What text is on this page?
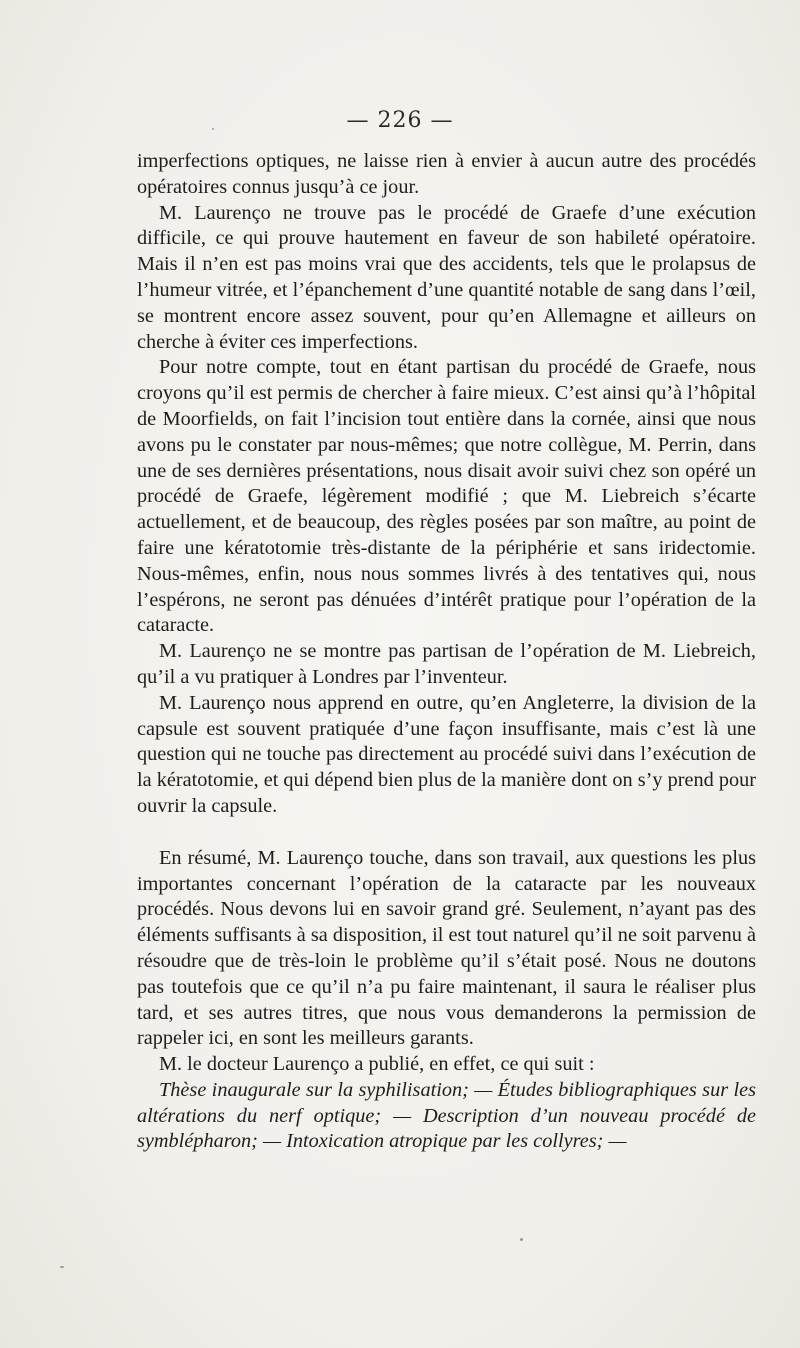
— 226 —

imperfections optiques, ne laisse rien à envier à aucun autre des procédés opératoires connus jusqu’à ce jour.

M. Laurenço ne trouve pas le procédé de Graefe d’une exécution difficile, ce qui prouve hautement en faveur de son habileté opératoire. Mais il n’en est pas moins vrai que des accidents, tels que le prolapsus de l’humeur vitrée, et l’épanchement d’une quantité notable de sang dans l’œil, se montrent encore assez souvent, pour qu’en Allemagne et ailleurs on cherche à éviter ces imperfections.

Pour notre compte, tout en étant partisan du procédé de Graefe, nous croyons qu’il est permis de chercher à faire mieux. C’est ainsi qu’à l’hôpital de Moorfields, on fait l’incision tout entière dans la cornée, ainsi que nous avons pu le constater par nous-mêmes; que notre collègue, M. Perrin, dans une de ses dernières présentations, nous disait avoir suivi chez son opéré un procédé de Graefe, légèrement modifié ; que M. Liebreich s’écarte actuellement, et de beaucoup, des règles posées par son maître, au point de faire une kératotomie très-distante de la périphérie et sans iridectomie. Nous-mêmes, enfin, nous nous sommes livrés à des tentatives qui, nous l’espérons, ne seront pas dénuées d’intérêt pratique pour l’opération de la cataracte.

M. Laurenço ne se montre pas partisan de l’opération de M. Liebreich, qu’il a vu pratiquer à Londres par l’inventeur.

M. Laurenço nous apprend en outre, qu’en Angleterre, la division de la capsule est souvent pratiquée d’une façon insuffisante, mais c’est là une question qui ne touche pas directement au procédé suivi dans l’exécution de la kératotomie, et qui dépend bien plus de la manière dont on s’y prend pour ouvrir la capsule.

En résumé, M. Laurenço touche, dans son travail, aux questions les plus importantes concernant l’opération de la cataracte par les nouveaux procédés. Nous devons lui en savoir grand gré. Seulement, n’ayant pas des éléments suffisants à sa disposition, il est tout naturel qu’il ne soit parvenu à résoudre que de très-loin le problème qu’il s’était posé. Nous ne doutons pas toutefois que ce qu’il n’a pu faire maintenant, il saura le réaliser plus tard, et ses autres titres, que nous vous demanderons la permission de rappeler ici, en sont les meilleurs garants.

M. le docteur Laurenço a publié, en effet, ce qui suit :

Thèse inaugurale sur la syphilisation; — Études bibliographiques sur les altérations du nerf optique; — Description d’un nouveau procédé de symblépharon; — Intoxication atropique par les collyres; —
